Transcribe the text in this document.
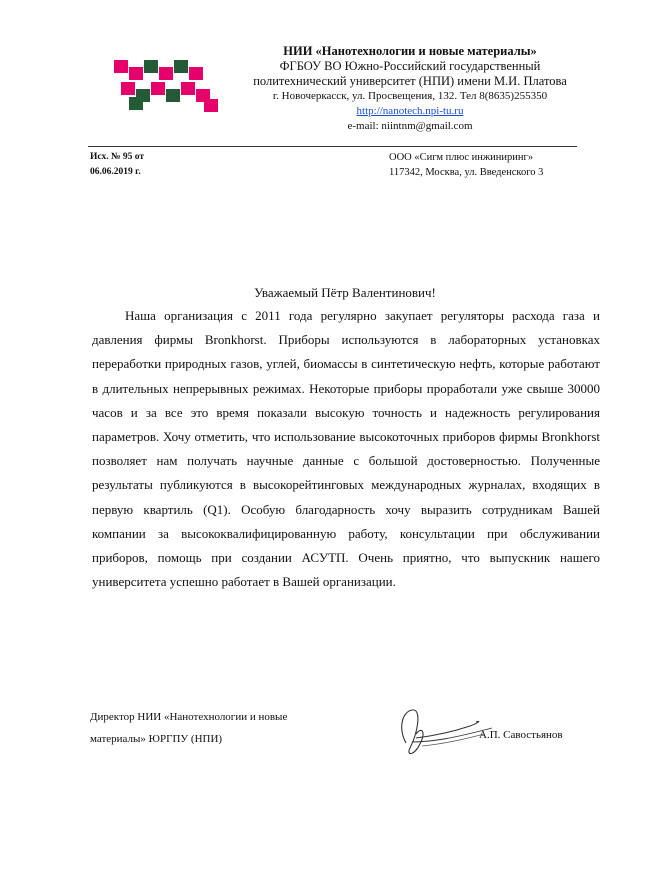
НИИ «Нанотехнологии и новые материалы»
ФГБОУ ВО Южно-Российский государственный
политехнический университет (НПИ) имени М.И. Платова
г. Новочеркасск, ул. Просвещения, 132. Тел 8(8635)255350
http://nanotech.npi-tu.ru
e-mail: niintnm@gmail.com
Исх. № 95 от
06.06.2019 г.
ООО «Сигм плюс инжиниринг»
117342, Москва, ул. Введенского 3
Уважаемый Пётр Валентинович!
Наша организация с 2011 года регулярно закупает регуляторы расхода газа и давления фирмы Bronkhorst. Приборы используются в лабораторных установках переработки природных газов, углей, биомассы в синтетическую нефть, которые работают в длительных непрерывных режимах. Некоторые приборы проработали уже свыше 30000 часов и за все это время показали высокую точность и надежность регулирования параметров. Хочу отметить, что использование высокоточных приборов фирмы Bronkhorst позволяет нам получать научные данные с большой достоверностью. Полученные результаты публикуются в высокорейтинговых международных журналах, входящих в первую квартиль (Q1). Особую благодарность хочу выразить сотрудникам Вашей компании за высококвалифицированную работу, консультации при обслуживании приборов, помощь при создании АСУТП. Очень приятно, что выпускник нашего университета успешно работает в Вашей организации.
Директор НИИ «Нанотехнологии и новые материалы» ЮРГПУ (НПИ)	А.П. Савостьянов
